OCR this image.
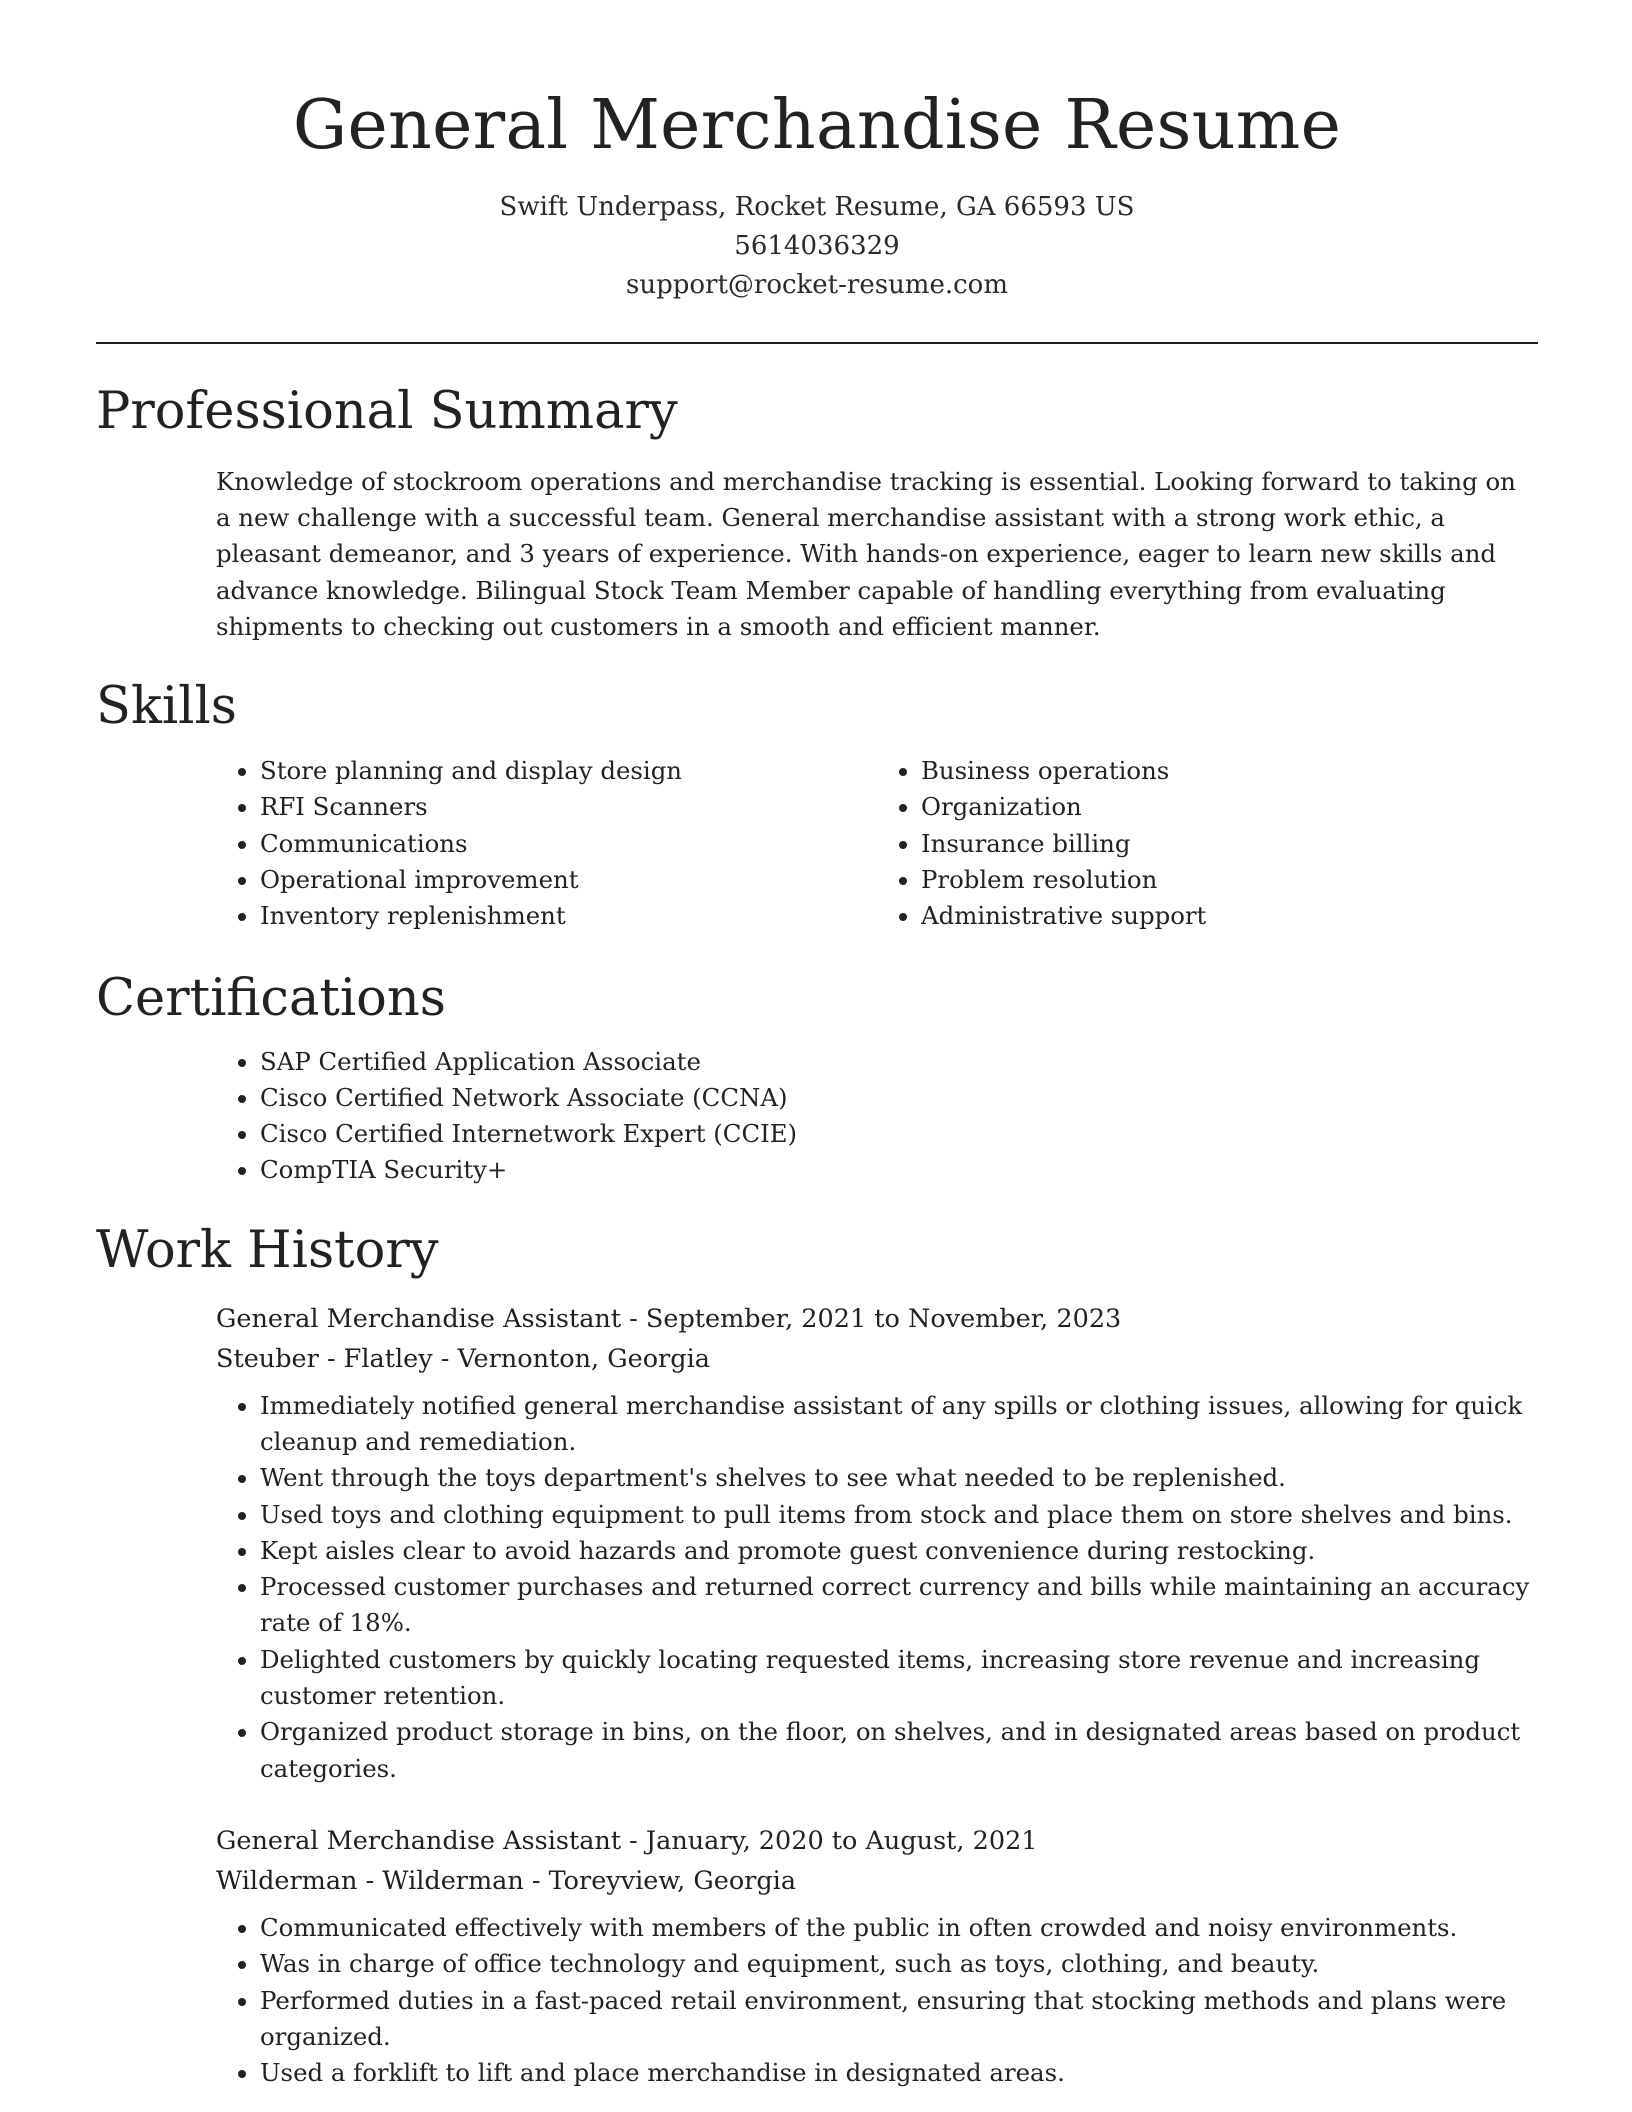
General Merchandise Resume
Swift Underpass, Rocket Resume, GA 66593 US
5614036329
support@rocket-resume.com
Professional Summary
Knowledge of stockroom operations and merchandise tracking is essential. Looking forward to taking on a new challenge with a successful team. General merchandise assistant with a strong work ethic, a pleasant demeanor, and 3 years of experience. With hands-on experience, eager to learn new skills and advance knowledge. Bilingual Stock Team Member capable of handling everything from evaluating shipments to checking out customers in a smooth and efficient manner.
Skills
• Store planning and display design
• RFI Scanners
• Communications
• Operational improvement
• Inventory replenishment
• Business operations
• Organization
• Insurance billing
• Problem resolution
• Administrative support
Certifications
• SAP Certified Application Associate
• Cisco Certified Network Associate (CCNA)
• Cisco Certified Internetwork Expert (CCIE)
• CompTIA Security+
Work History
General Merchandise Assistant - September, 2021 to November, 2023
Steuber - Flatley - Vernonton, Georgia
• Immediately notified general merchandise assistant of any spills or clothing issues, allowing for quick cleanup and remediation.
• Went through the toys department's shelves to see what needed to be replenished.
• Used toys and clothing equipment to pull items from stock and place them on store shelves and bins.
• Kept aisles clear to avoid hazards and promote guest convenience during restocking.
• Processed customer purchases and returned correct currency and bills while maintaining an accuracy rate of 18%.
• Delighted customers by quickly locating requested items, increasing store revenue and increasing customer retention.
• Organized product storage in bins, on the floor, on shelves, and in designated areas based on product categories.
General Merchandise Assistant - January, 2020 to August, 2021
Wilderman - Wilderman - Toreyview, Georgia
• Communicated effectively with members of the public in often crowded and noisy environments.
• Was in charge of office technology and equipment, such as toys, clothing, and beauty.
• Performed duties in a fast-paced retail environment, ensuring that stocking methods and plans were organized.
• Used a forklift to lift and place merchandise in designated areas.
